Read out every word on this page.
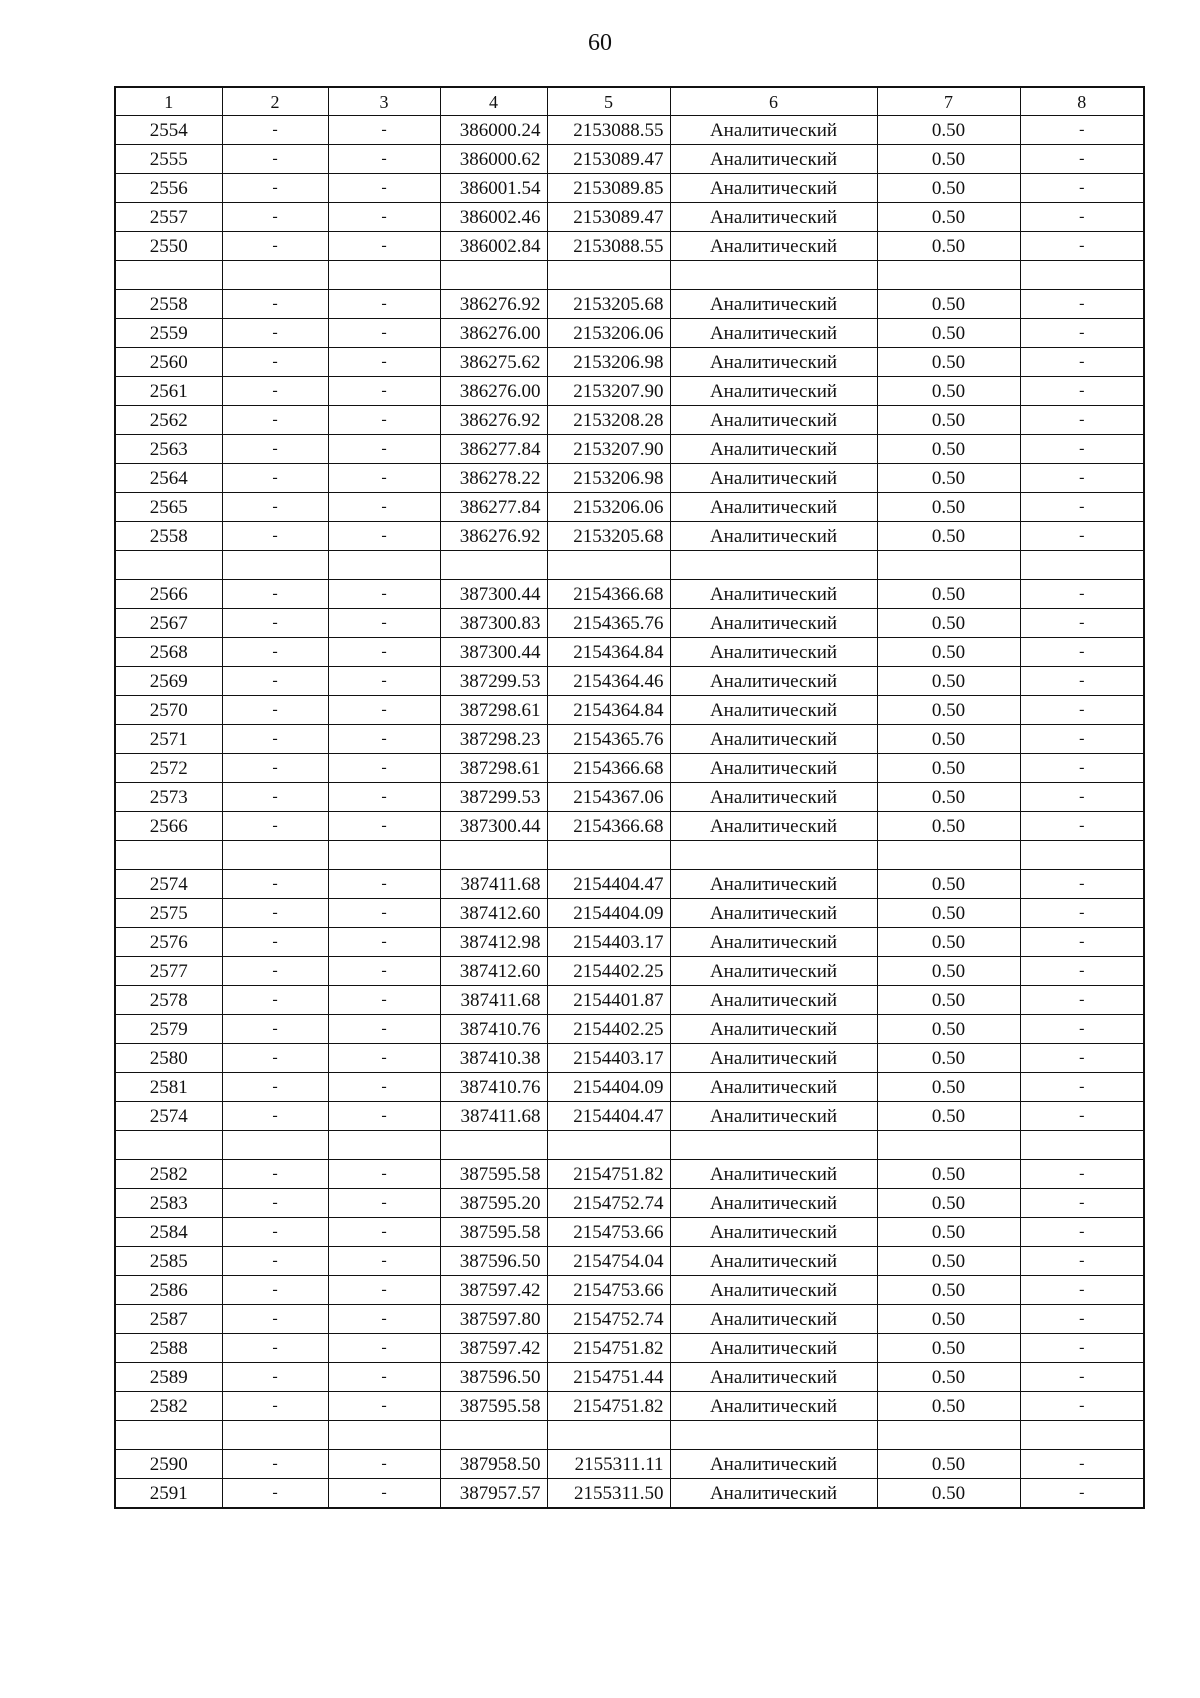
60
1	2	3	4	5	6	7	8
2554	-	-	386000.24	2153088.55	Аналитический	0.50	-
2555	-	-	386000.62	2153089.47	Аналитический	0.50	-
2556	-	-	386001.54	2153089.85	Аналитический	0.50	-
2557	-	-	386002.46	2153089.47	Аналитический	0.50	-
2550	-	-	386002.84	2153088.55	Аналитический	0.50	-

2558	-	-	386276.92	2153205.68	Аналитический	0.50	-
2559	-	-	386276.00	2153206.06	Аналитический	0.50	-
2560	-	-	386275.62	2153206.98	Аналитический	0.50	-
2561	-	-	386276.00	2153207.90	Аналитический	0.50	-
2562	-	-	386276.92	2153208.28	Аналитический	0.50	-
2563	-	-	386277.84	2153207.90	Аналитический	0.50	-
2564	-	-	386278.22	2153206.98	Аналитический	0.50	-
2565	-	-	386277.84	2153206.06	Аналитический	0.50	-
2558	-	-	386276.92	2153205.68	Аналитический	0.50	-

2566	-	-	387300.44	2154366.68	Аналитический	0.50	-
2567	-	-	387300.83	2154365.76	Аналитический	0.50	-
2568	-	-	387300.44	2154364.84	Аналитический	0.50	-
2569	-	-	387299.53	2154364.46	Аналитический	0.50	-
2570	-	-	387298.61	2154364.84	Аналитический	0.50	-
2571	-	-	387298.23	2154365.76	Аналитический	0.50	-
2572	-	-	387298.61	2154366.68	Аналитический	0.50	-
2573	-	-	387299.53	2154367.06	Аналитический	0.50	-
2566	-	-	387300.44	2154366.68	Аналитический	0.50	-

2574	-	-	387411.68	2154404.47	Аналитический	0.50	-
2575	-	-	387412.60	2154404.09	Аналитический	0.50	-
2576	-	-	387412.98	2154403.17	Аналитический	0.50	-
2577	-	-	387412.60	2154402.25	Аналитический	0.50	-
2578	-	-	387411.68	2154401.87	Аналитический	0.50	-
2579	-	-	387410.76	2154402.25	Аналитический	0.50	-
2580	-	-	387410.38	2154403.17	Аналитический	0.50	-
2581	-	-	387410.76	2154404.09	Аналитический	0.50	-
2574	-	-	387411.68	2154404.47	Аналитический	0.50	-

2582	-	-	387595.58	2154751.82	Аналитический	0.50	-
2583	-	-	387595.20	2154752.74	Аналитический	0.50	-
2584	-	-	387595.58	2154753.66	Аналитический	0.50	-
2585	-	-	387596.50	2154754.04	Аналитический	0.50	-
2586	-	-	387597.42	2154753.66	Аналитический	0.50	-
2587	-	-	387597.80	2154752.74	Аналитический	0.50	-
2588	-	-	387597.42	2154751.82	Аналитический	0.50	-
2589	-	-	387596.50	2154751.44	Аналитический	0.50	-
2582	-	-	387595.58	2154751.82	Аналитический	0.50	-

2590	-	-	387958.50	2155311.11	Аналитический	0.50	-
2591	-	-	387957.57	2155311.50	Аналитический	0.50	-
